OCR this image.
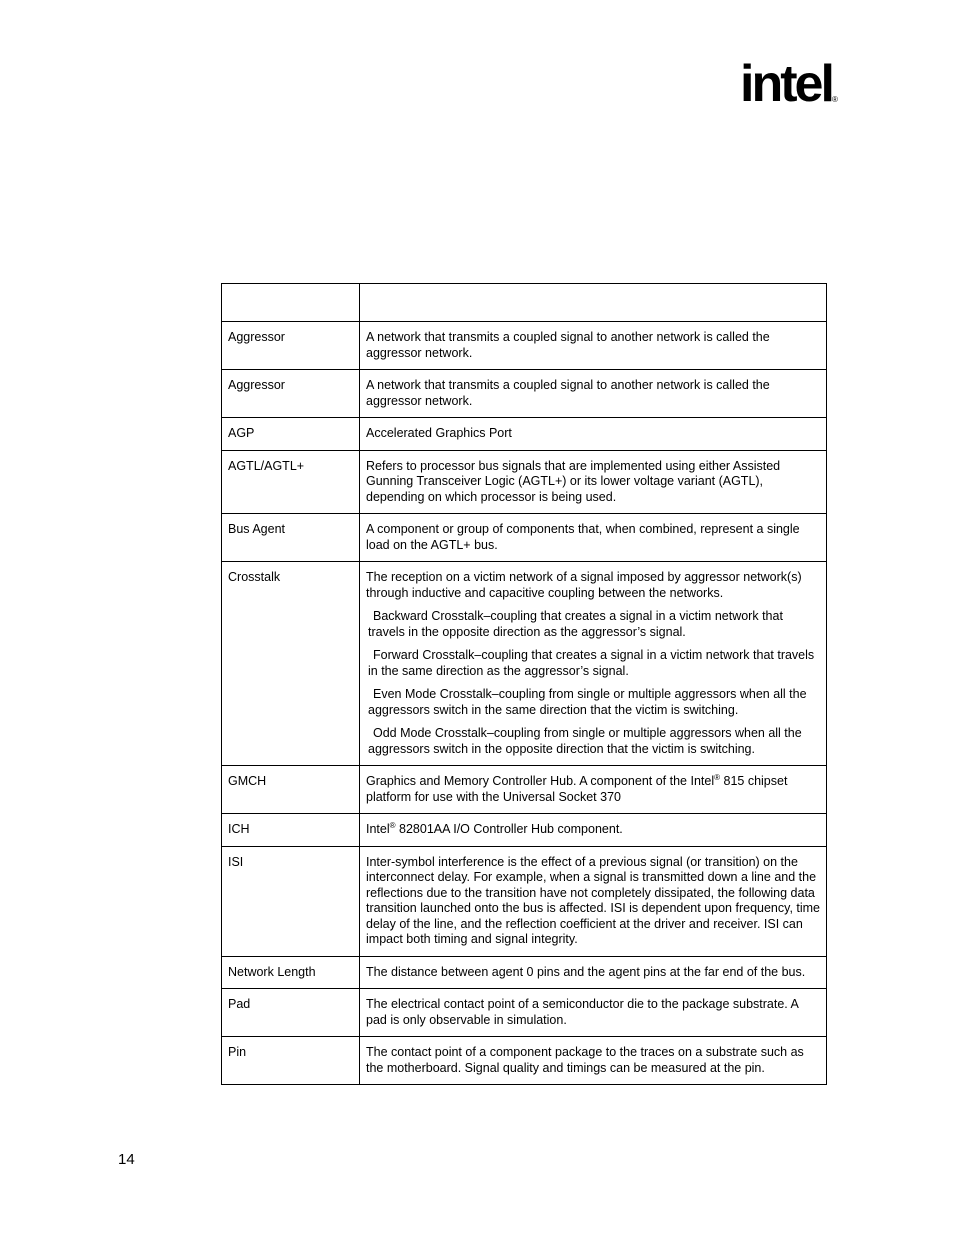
intel ®

Aggressor	A network that transmits a coupled signal to another network is called the aggressor network.
Aggressor	A network that transmits a coupled signal to another network is called the aggressor network.
AGP	Accelerated Graphics Port
AGTL/AGTL+	Refers to processor bus signals that are implemented using either Assisted Gunning Transceiver Logic (AGTL+) or its lower voltage variant (AGTL), depending on which processor is being used.
Bus Agent	A component or group of components that, when combined, represent a single load on the AGTL+ bus.
Crosstalk	The reception on a victim network of a signal imposed by aggressor network(s) through inductive and capacitive coupling between the networks.

Backward Crosstalk–coupling that creates a signal in a victim network that travels in the opposite direction as the aggressor’s signal.

Forward Crosstalk–coupling that creates a signal in a victim network that travels in the same direction as the aggressor’s signal.

Even Mode Crosstalk–coupling from single or multiple aggressors when all the aggressors switch in the same direction that the victim is switching.

Odd Mode Crosstalk–coupling from single or multiple aggressors when all the aggressors switch in the opposite direction that the victim is switching.

GMCH	Graphics and Memory Controller Hub. A component of the Intel® 815 chipset platform for use with the Universal Socket 370
ICH	Intel® 82801AA I/O Controller Hub component.
ISI	Inter-symbol interference is the effect of a previous signal (or transition) on the interconnect delay. For example, when a signal is transmitted down a line and the reflections due to the transition have not completely dissipated, the following data transition launched onto the bus is affected. ISI is dependent upon frequency, time delay of the line, and the reflection coefficient at the driver and receiver. ISI can impact both timing and signal integrity.
Network Length	The distance between agent 0 pins and the agent pins at the far end of the bus.
Pad	The electrical contact point of a semiconductor die to the package substrate. A pad is only observable in simulation.
Pin	The contact point of a component package to the traces on a substrate such as the motherboard. Signal quality and timings can be measured at the pin.
14
